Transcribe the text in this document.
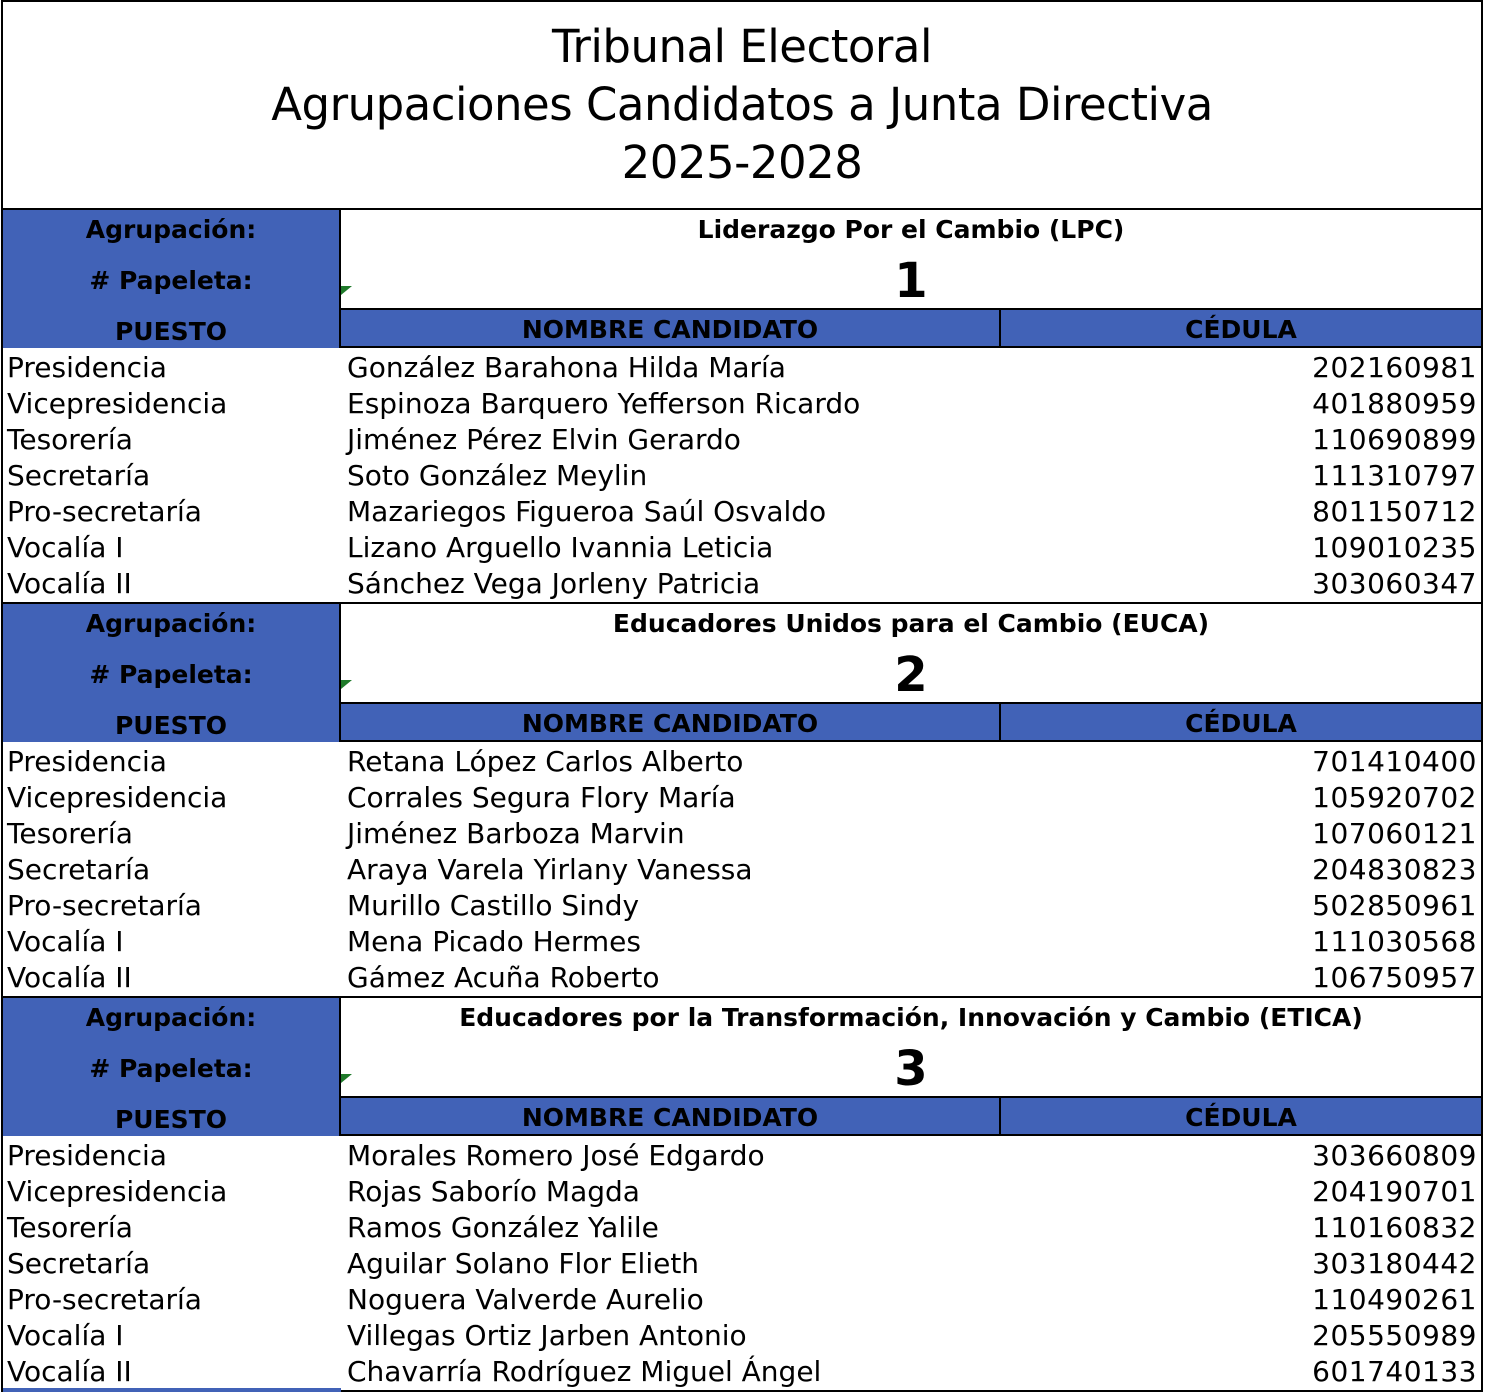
Tribunal Electoral
Agrupaciones Candidatos a Junta Directiva
2025-2028
Agrupación:
# Papeleta:
PUESTO
Liderazgo Por el Cambio (LPC)
1
NOMBRE CANDIDATO	CÉDULA
Presidencia	González Barahona Hilda María	202160981
Vicepresidencia	Espinoza Barquero Yefferson Ricardo	401880959
Tesorería	Jiménez Pérez Elvin Gerardo	110690899
Secretaría	Soto González Meylin	111310797
Pro-secretaría	Mazariegos Figueroa Saúl Osvaldo	801150712
Vocalía I	Lizano Arguello Ivannia Leticia	109010235
Vocalía II	Sánchez Vega Jorleny Patricia	303060347
Agrupación:
# Papeleta:
PUESTO
Educadores Unidos para el Cambio (EUCA)
2
NOMBRE CANDIDATO	CÉDULA
Presidencia	Retana López Carlos Alberto	701410400
Vicepresidencia	Corrales Segura Flory María	105920702
Tesorería	Jiménez Barboza Marvin	107060121
Secretaría	Araya Varela Yirlany Vanessa	204830823
Pro-secretaría	Murillo Castillo Sindy	502850961
Vocalía I	Mena Picado Hermes	111030568
Vocalía II	Gámez Acuña Roberto	106750957
Agrupación:
# Papeleta:
PUESTO
Educadores por la Transformación, Innovación y Cambio (ETICA)
3
NOMBRE CANDIDATO	CÉDULA
Presidencia	Morales Romero José Edgardo	303660809
Vicepresidencia	Rojas Saborío Magda	204190701
Tesorería	Ramos González Yalile	110160832
Secretaría	Aguilar Solano Flor Elieth	303180442
Pro-secretaría	Noguera Valverde Aurelio	110490261
Vocalía I	Villegas Ortiz Jarben Antonio	205550989
Vocalía II	Chavarría Rodríguez Miguel Ángel	601740133
